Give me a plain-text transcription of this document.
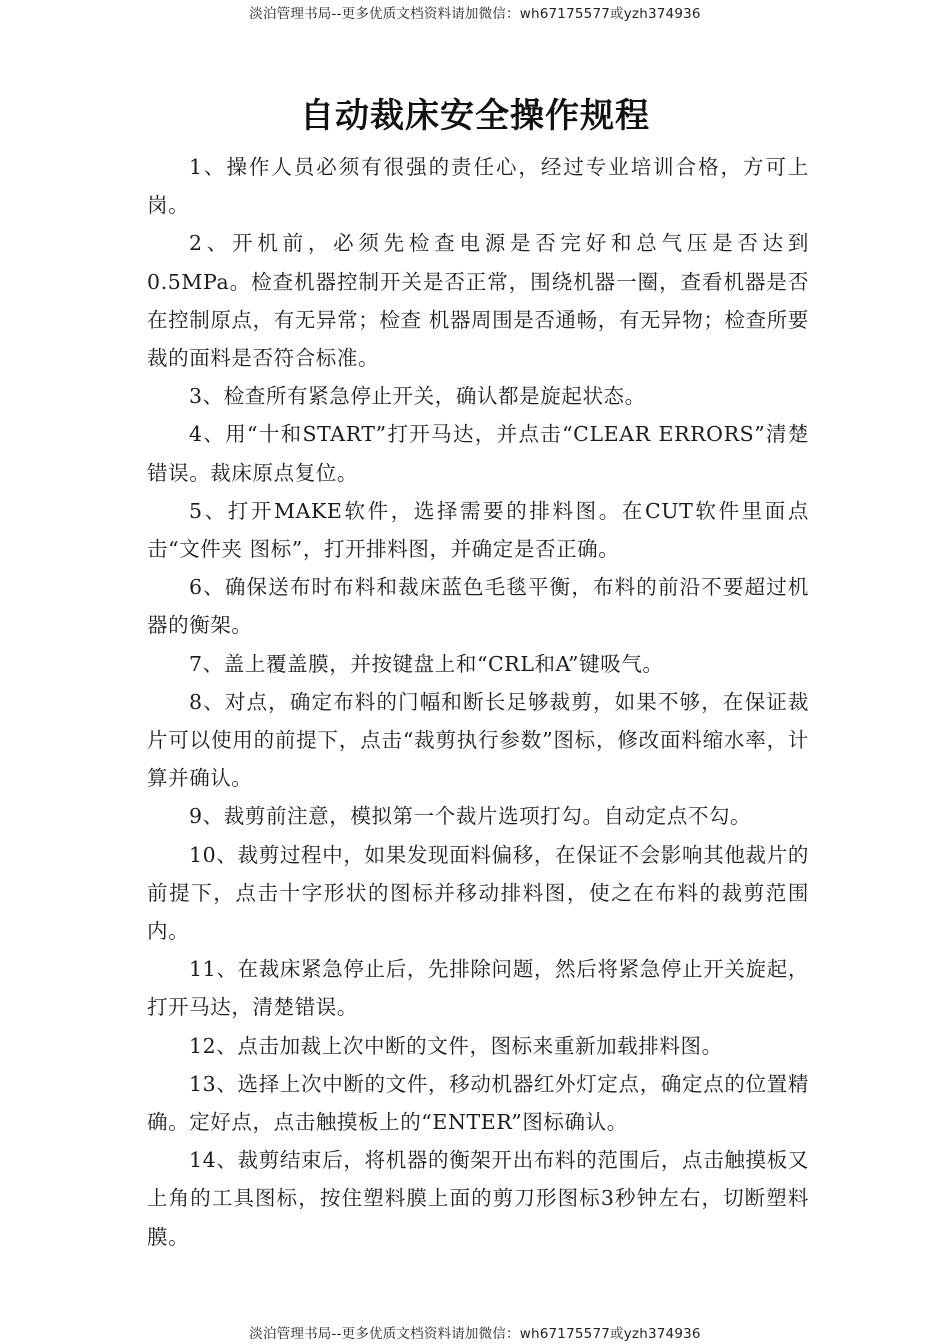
淡泊管理书局--更多优质文档资料请加微信：wh67175577或yzh374936
自动裁床安全操作规程

1、操作人员必须有很强的责任心，经过专业培训合格，方可上岗。

2、开机前，必须先检查电源是否完好和总气压是否达到0.5MPa。检查机器控制开关是否正常，围绕机器一圈，查看机器是否在控制原点，有无异常；检查 机器周围是否通畅，有无异物；检查所要裁的面料是否符合标准。

3、检查所有紧急停止开关，确认都是旋起状态。

4、用“十和START”打开马达，并点击“CLEAR ERRORS”清楚错误。裁床原点复位。

5、打开MAKE软件，选择需要的排料图。在CUT软件里面点击“文件夹 图标”，打开排料图，并确定是否正确。

6、确保送布时布料和裁床蓝色毛毯平衡，布料的前沿不要超过机器的衡架。

7、盖上覆盖膜，并按键盘上和“CRL和A”键吸气。

8、对点，确定布料的门幅和断长足够裁剪，如果不够，在保证裁片可以使用的前提下，点击“裁剪执行参数”图标，修改面料缩水率，计算并确认。

9、裁剪前注意，模拟第一个裁片选项打勾。自动定点不勾。

10、裁剪过程中，如果发现面料偏移，在保证不会影响其他裁片的前提下，点击十字形状的图标并移动排料图，使之在布料的裁剪范围内。

11、在裁床紧急停止后，先排除问题，然后将紧急停止开关旋起，打开马达，清楚错误。

12、点击加裁上次中断的文件，图标来重新加载排料图。

13、选择上次中断的文件，移动机器红外灯定点，确定点的位置精确。定好点，点击触摸板上的“ENTER”图标确认。

14、裁剪结束后，将机器的衡架开出布料的范围后，点击触摸板又上角的工具图标，按住塑料膜上面的剪刀形图标3秒钟左右，切断塑料膜。

淡泊管理书局--更多优质文档资料请加微信：wh67175577或yzh374936
